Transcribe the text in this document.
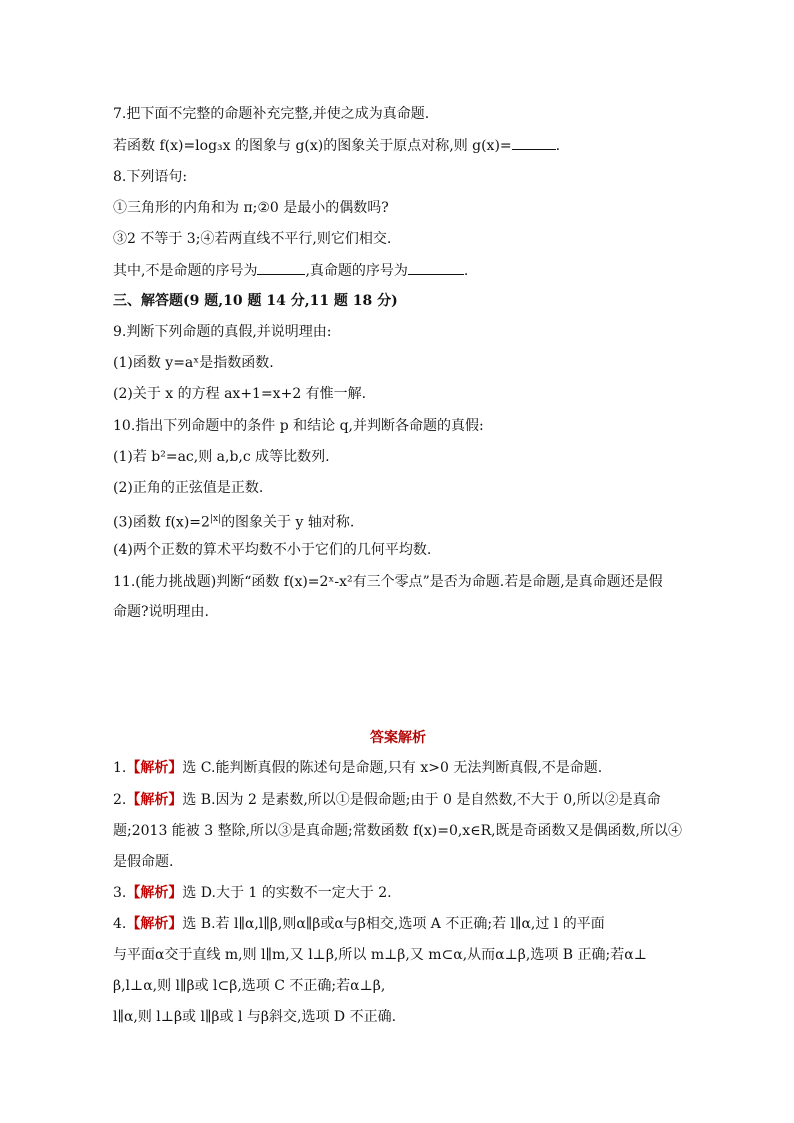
7.把下面不完整的命题补充完整,并使之成为真命题.
若函数 f(x)=log₃x 的图象与 g(x)的图象关于原点对称,则 g(x)=	.
8.下列语句:
①三角形的内角和为 π;②0 是最小的偶数吗?
③2 不等于 3;④若两直线不平行,则它们相交.
其中,不是命题的序号为	,真命题的序号为	.
三、解答题(9 题,10 题 14 分,11 题 18 分)
9.判断下列命题的真假,并说明理由:
(1)函数 y=aˣ是指数函数.
(2)关于 x 的方程 ax+1=x+2 有惟一解.
10.指出下列命题中的条件 p 和结论 q,并判断各命题的真假:
(1)若 b²=ac,则 a,b,c 成等比数列.
(2)正角的正弦值是正数.
(3)函数 $f(x)=2^{|x|}$的图象关于 y 轴对称.
(4)两个正数的算术平均数不小于它们的几何平均数.
11.(能力挑战题)判断“函数 f(x)=2ˣ-x²有三个零点”是否为命题.若是命题,是真命题还是假
命题?说明理由.
答案解析
1.【解析】选 C.能判断真假的陈述句是命题,只有 x>0 无法判断真假,不是命题.
2.【解析】选 B.因为 2 是素数,所以①是假命题;由于 0 是自然数,不大于 0,所以②是真命
题;2013 能被 3 整除,所以③是真命题;常数函数 f(x)=0,x∈R,既是奇函数又是偶函数,所以④
是假命题.
3.【解析】选 D.大于 1 的实数不一定大于 2.
4.【解析】选 B.若 l∥α,l∥β,则α∥β或α与β相交,选项 A 不正确;若 l∥α,过 l 的平面
与平面α交于直线 m,则 l∥m,又 l⊥β,所以 m⊥β,又 m⊂α,从而α⊥β,选项 B 正确;若α⊥
β,l⊥α,则 l∥β或 l⊂β,选项 C 不正确;若α⊥β,
l∥α,则 l⊥β或 l∥β或 l 与β斜交,选项 D 不正确.
